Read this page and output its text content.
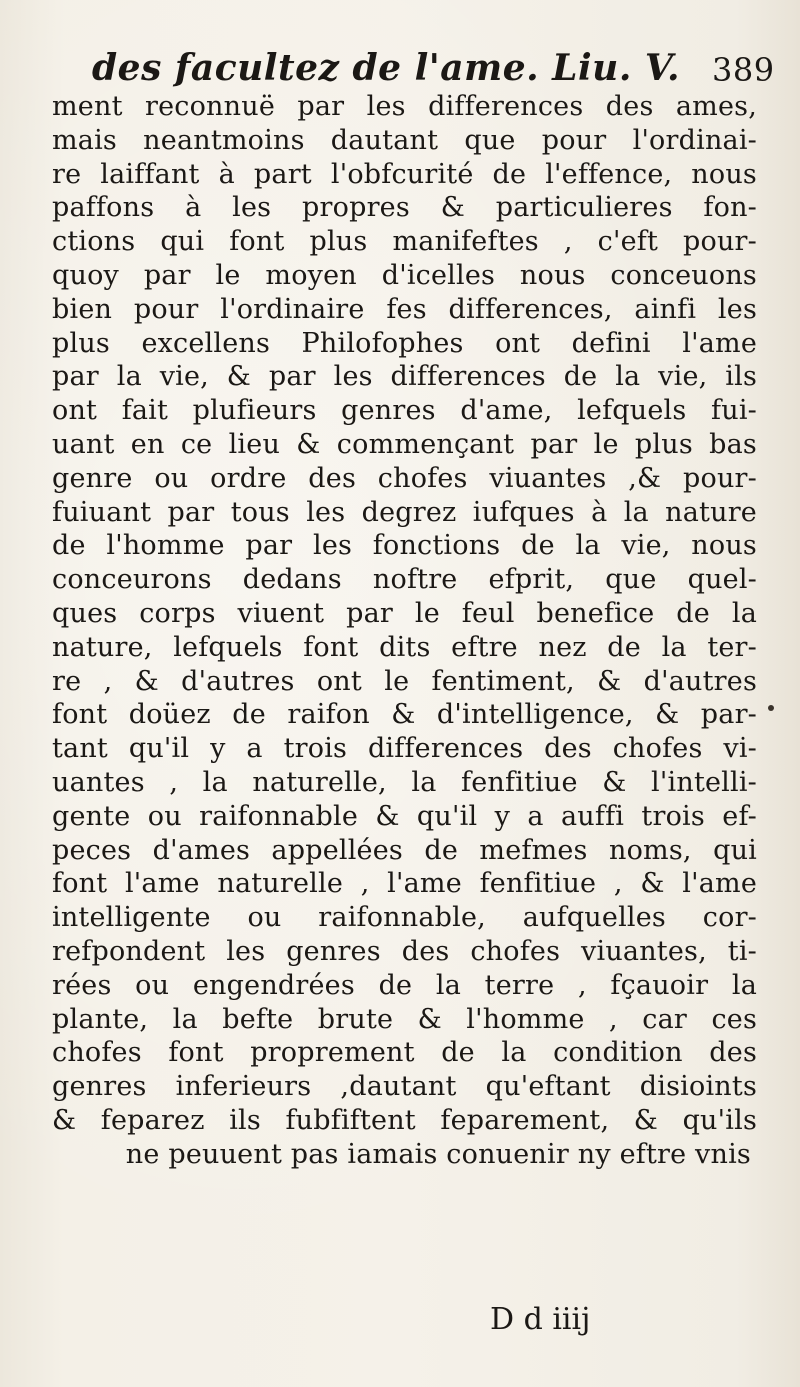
des facultez de l'ame. Liu. V. 389
ment reconnuë par les differences des ames,
mais neantmoins dautant que pour l'ordinai-
re laiffant à part l'obfcurité de l'effence, nous
paffons à les propres & particulieres fon-
ctions qui font plus manifeftes , c'eft pour-
quoy par le moyen d'icelles nous conceuons
bien pour l'ordinaire fes differences, ainfi les
plus excellens Philofophes ont defini l'ame
par la vie, & par les differences de la vie, ils
ont fait plufieurs genres d'ame, lefquels fui-
uant en ce lieu & commençant par le plus bas
genre ou ordre des chofes viuantes ,& pour-
fuiuant par tous les degrez iufques à la nature
de l'homme par les fonctions de la vie, nous
conceurons dedans noftre efprit, que quel-
ques corps viuent par le feul benefice de la
nature, lefquels font dits eftre nez de la ter-
re , & d'autres ont le fentiment, & d'autres
font doüez de raifon & d'intelligence, & par-
tant qu'il y a trois differences des chofes vi-
uantes , la naturelle, la fenfitiue & l'intelli-
gente ou raifonnable & qu'il y a auffi trois ef-
peces d'ames appellées de mefmes noms, qui
font l'ame naturelle , l'ame fenfitiue , & l'ame
intelligente ou raifonnable, aufquelles cor-
refpondent les genres des chofes viuantes, ti-
rées ou engendrées de la terre , fçauoir la
plante, la befte brute & l'homme , car ces
chofes font proprement de la condition des
genres inferieurs ,dautant qu'eftant disioints
& feparez ils fubfiftent feparement, & qu'ils
ne peuuent pas iamais conuenir ny eftre vnis
D d iiij
